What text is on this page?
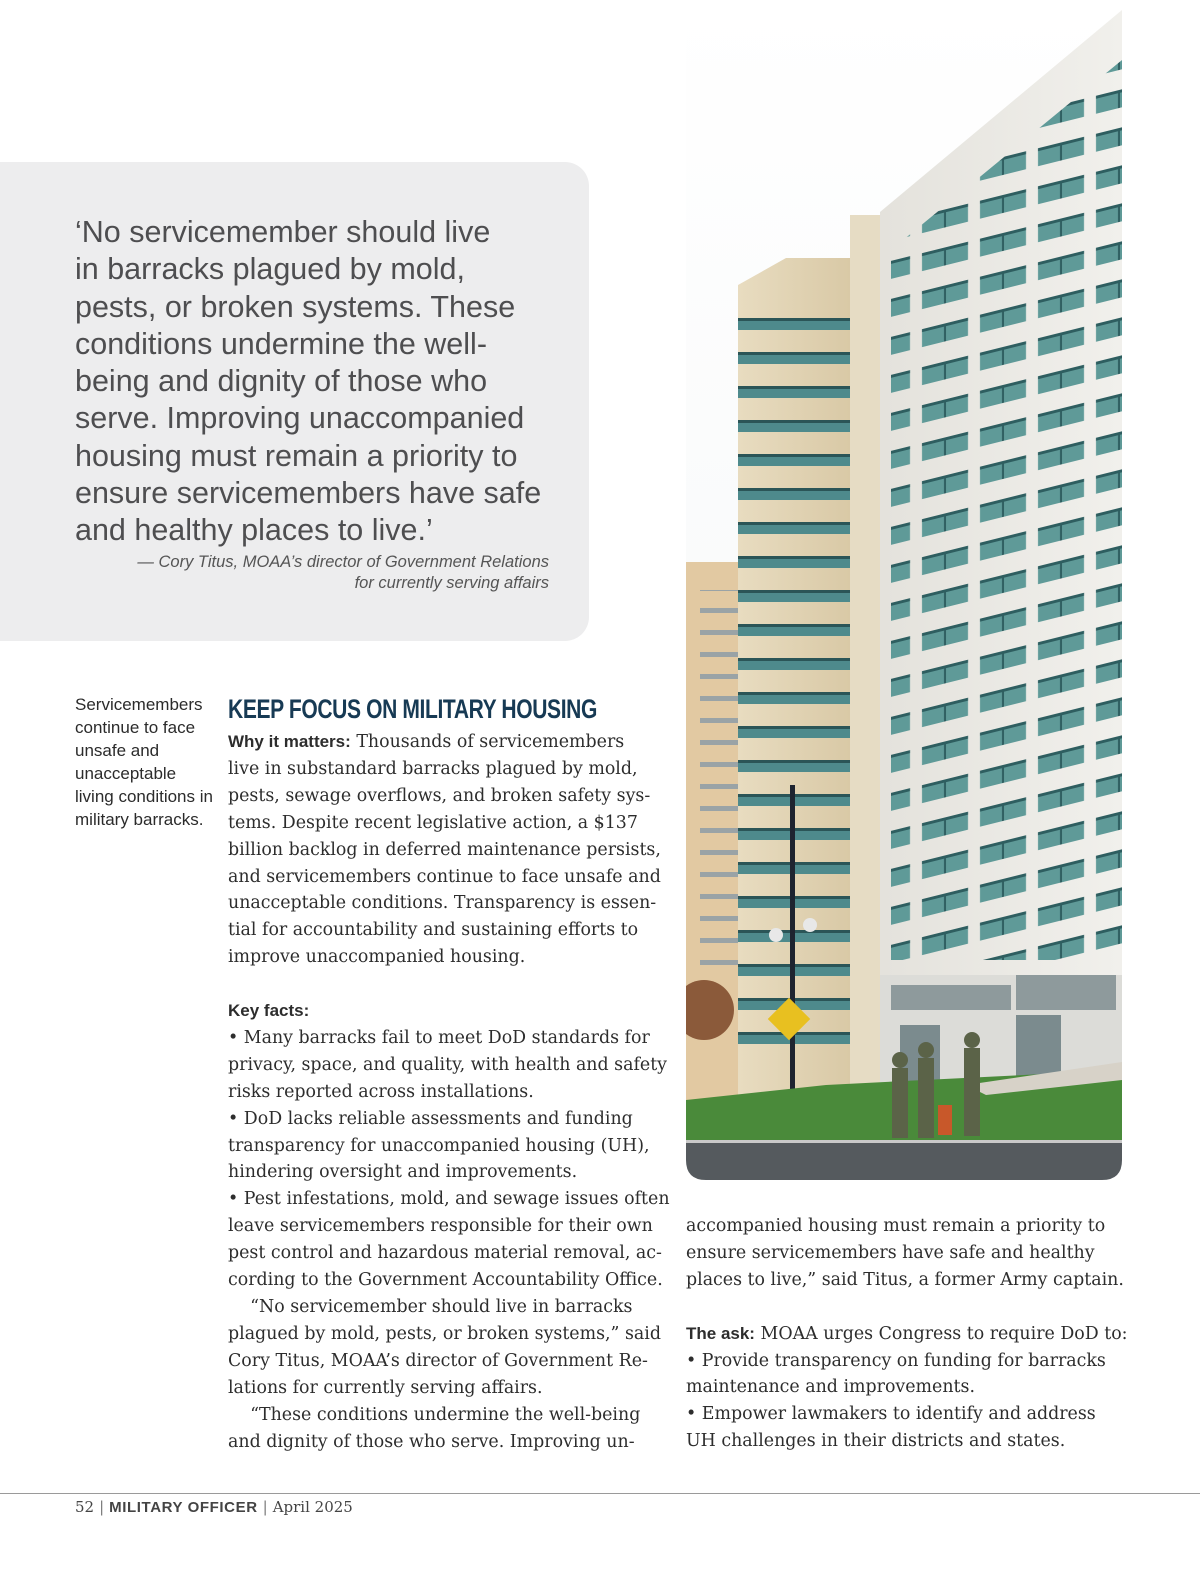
‘No servicemember should live
in barracks plagued by mold,
pests, or broken systems. These
conditions undermine the well-
being and dignity of those who
serve. Improving unaccompanied
housing must remain a priority to
ensure servicemembers have safe
and healthy places to live.’

— Cory Titus, MOAA’s director of Government Relations
for currently serving affairs
Servicemembers continue to face unsafe and unacceptable living conditions in military barracks.
KEEP FOCUS ON MILITARY HOUSING
Why it matters: Thousands of servicemembers
live in substandard barracks plagued by mold,
pests, sewage overflows, and broken safety sys-
tems. Despite recent legislative action, a $137
billion backlog in deferred maintenance persists,
and servicemembers continue to face unsafe and
unacceptable conditions. Transparency is essen-
tial for accountability and sustaining efforts to
improve unaccompanied housing.
Key facts:
• Many barracks fail to meet DoD standards for
privacy, space, and quality, with health and safety
risks reported across installations.
• DoD lacks reliable assessments and funding
transparency for unaccompanied housing (UH),
hindering oversight and improvements.
• Pest infestations, mold, and sewage issues often
leave servicemembers responsible for their own
pest control and hazardous material removal, ac-
cording to the Government Accountability Office.
“No servicemember should live in barracks
plagued by mold, pests, or broken systems,” said
Cory Titus, MOAA’s director of Government Re-
lations for currently serving affairs.
“These conditions undermine the well-being
and dignity of those who serve. Improving un-
accompanied housing must remain a priority to
ensure servicemembers have safe and healthy
places to live,” said Titus, a former Army captain.
The ask: MOAA urges Congress to require DoD to:
• Provide transparency on funding for barracks
maintenance and improvements.
• Empower lawmakers to identify and address
UH challenges in their districts and states.
52 | MILITARY OFFICER | April 2025
